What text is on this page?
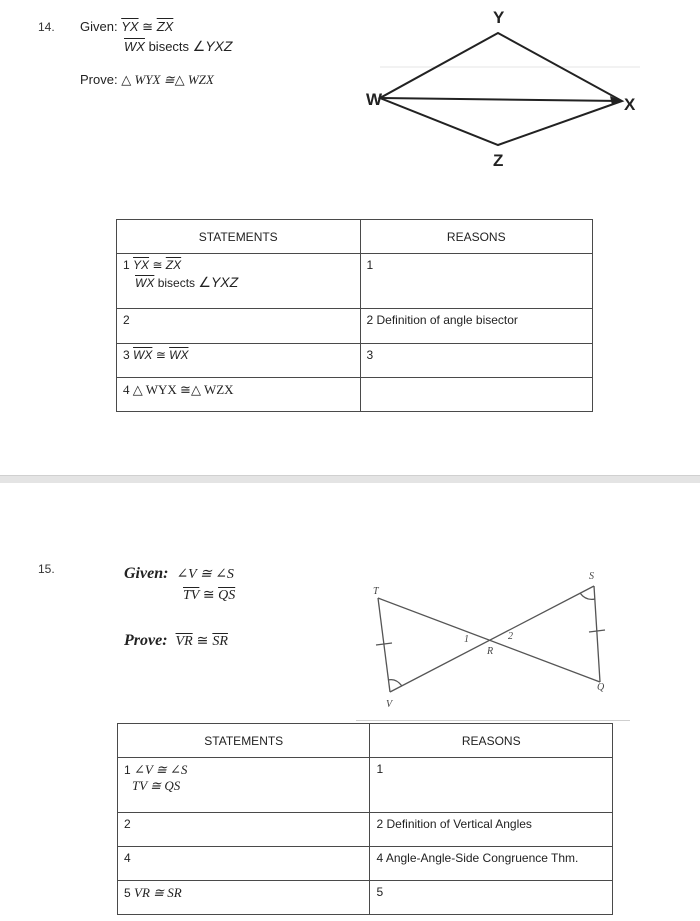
14. Given: $\overline{YX}$ ≅ $\overline{ZX}$
$\overline{WX}$ bisects ∠YXZ
Prove: △ WYX ≅△ WZX
Y
W	X
Z
STATEMENTS	REASONS

1 $\overline{YX}$ ≅ $\overline{ZX}$
$\overline{WX}$ bisects ∠YXZ	1

2	2 Definition of angle bisector

3 $\overline{WX}$ ≅ $\overline{WX}$	3

4 △ WYX ≅△ WZX	

15.	Given: ∠V ≅ ∠S
$\overline{TV}$ ≅ $\overline{QS}$
Prove: $\overline{VR}$ ≅ $\overline{SR}$
T
S
V
Q
R
1	2
STATEMENTS	REASONS

1 ∠V ≅ ∠S
TV ≅ QS	1

2	2 Definition of Vertical Angles

4	4 Angle-Angle-Side Congruence Thm.

5 VR ≅ SR	5
